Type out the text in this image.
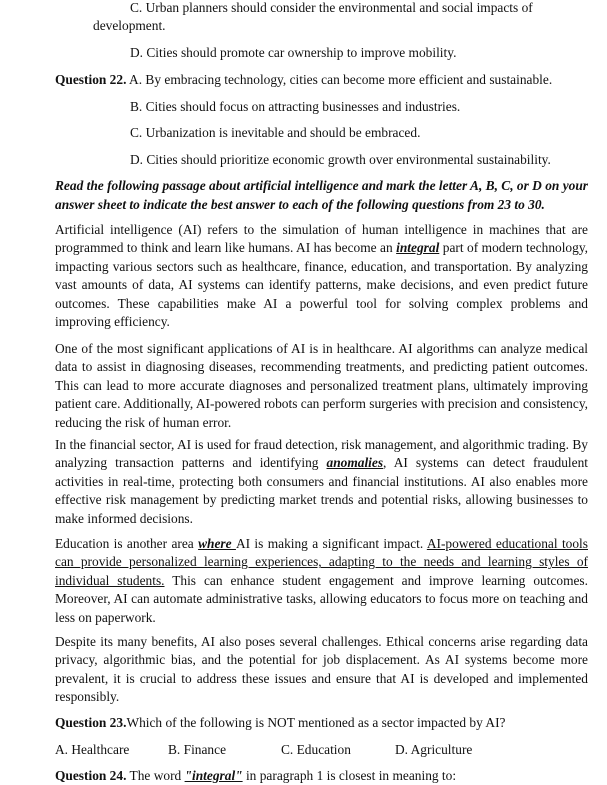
C. Urban planners should consider the environmental and social impacts of
development.
D. Cities should promote car ownership to improve mobility.
Question 22. A. By embracing technology, cities can become more efficient and sustainable.
B. Cities should focus on attracting businesses and industries.
C. Urbanization is inevitable and should be embraced.
D. Cities should prioritize economic growth over environmental sustainability.
Read the following passage about artificial intelligence and mark the letter A, B, C, or D on your answer sheet to indicate the best answer to each of the following questions from 23 to 30.
Artificial intelligence (AI) refers to the simulation of human intelligence in machines that are programmed to think and learn like humans. AI has become an integral part of modern technology, impacting various sectors such as healthcare, finance, education, and transportation. By analyzing vast amounts of data, AI systems can identify patterns, make decisions, and even predict future outcomes. These capabilities make AI a powerful tool for solving complex problems and improving efficiency.
One of the most significant applications of AI is in healthcare. AI algorithms can analyze medical data to assist in diagnosing diseases, recommending treatments, and predicting patient outcomes. This can lead to more accurate diagnoses and personalized treatment plans, ultimately improving patient care. Additionally, AI-powered robots can perform surgeries with precision and consistency, reducing the risk of human error.
In the financial sector, AI is used for fraud detection, risk management, and algorithmic trading. By analyzing transaction patterns and identifying anomalies, AI systems can detect fraudulent activities in real-time, protecting both consumers and financial institutions. AI also enables more effective risk management by predicting market trends and potential risks, allowing businesses to make informed decisions.
Education is another area where AI is making a significant impact. AI-powered educational tools can provide personalized learning experiences, adapting to the needs and learning styles of individual students. This can enhance student engagement and improve learning outcomes. Moreover, AI can automate administrative tasks, allowing educators to focus more on teaching and less on paperwork.
Despite its many benefits, AI also poses several challenges. Ethical concerns arise regarding data privacy, algorithmic bias, and the potential for job displacement. As AI systems become more prevalent, it is crucial to address these issues and ensure that AI is developed and implemented responsibly.
Question 23.Which of the following is NOT mentioned as a sector impacted by AI?
A. Healthcare	B. Finance	C. Education	D. Agriculture
Question 24. The word "integral" in paragraph 1 is closest in meaning to:
